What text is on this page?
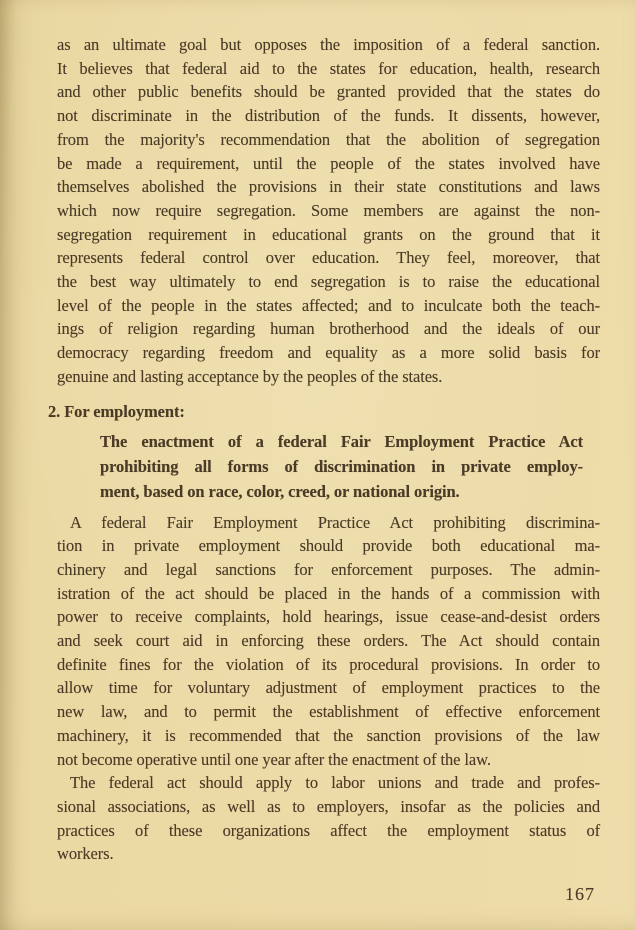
as an ultimate goal but opposes the imposition of a federal sanction.
It believes that federal aid to the states for education, health, research
and other public benefits should be granted provided that the states do
not discriminate in the distribution of the funds. It dissents, however,
from the majority's recommendation that the abolition of segregation
be made a requirement, until the people of the states involved have
themselves abolished the provisions in their state constitutions and laws
which now require segregation. Some members are against the non-
segregation requirement in educational grants on the ground that it
represents federal control over education. They feel, moreover, that
the best way ultimately to end segregation is to raise the educational
level of the people in the states affected; and to inculcate both the teach-
ings of religion regarding human brotherhood and the ideals of our
democracy regarding freedom and equality as a more solid basis for
genuine and lasting acceptance by the peoples of the states.
2. For employment:
The enactment of a federal Fair Employment Practice Act
prohibiting all forms of discrimination in private employ-
ment, based on race, color, creed, or national origin.
A federal Fair Employment Practice Act prohibiting discrimina-
tion in private employment should provide both educational ma-
chinery and legal sanctions for enforcement purposes. The admin-
istration of the act should be placed in the hands of a commission with
power to receive complaints, hold hearings, issue cease-and-desist orders
and seek court aid in enforcing these orders. The Act should contain
definite fines for the violation of its procedural provisions. In order to
allow time for voluntary adjustment of employment practices to the
new law, and to permit the establishment of effective enforcement
machinery, it is recommended that the sanction provisions of the law
not become operative until one year after the enactment of the law.
The federal act should apply to labor unions and trade and profes-
sional associations, as well as to employers, insofar as the policies and
practices of these organizations affect the employment status of
workers.
167
